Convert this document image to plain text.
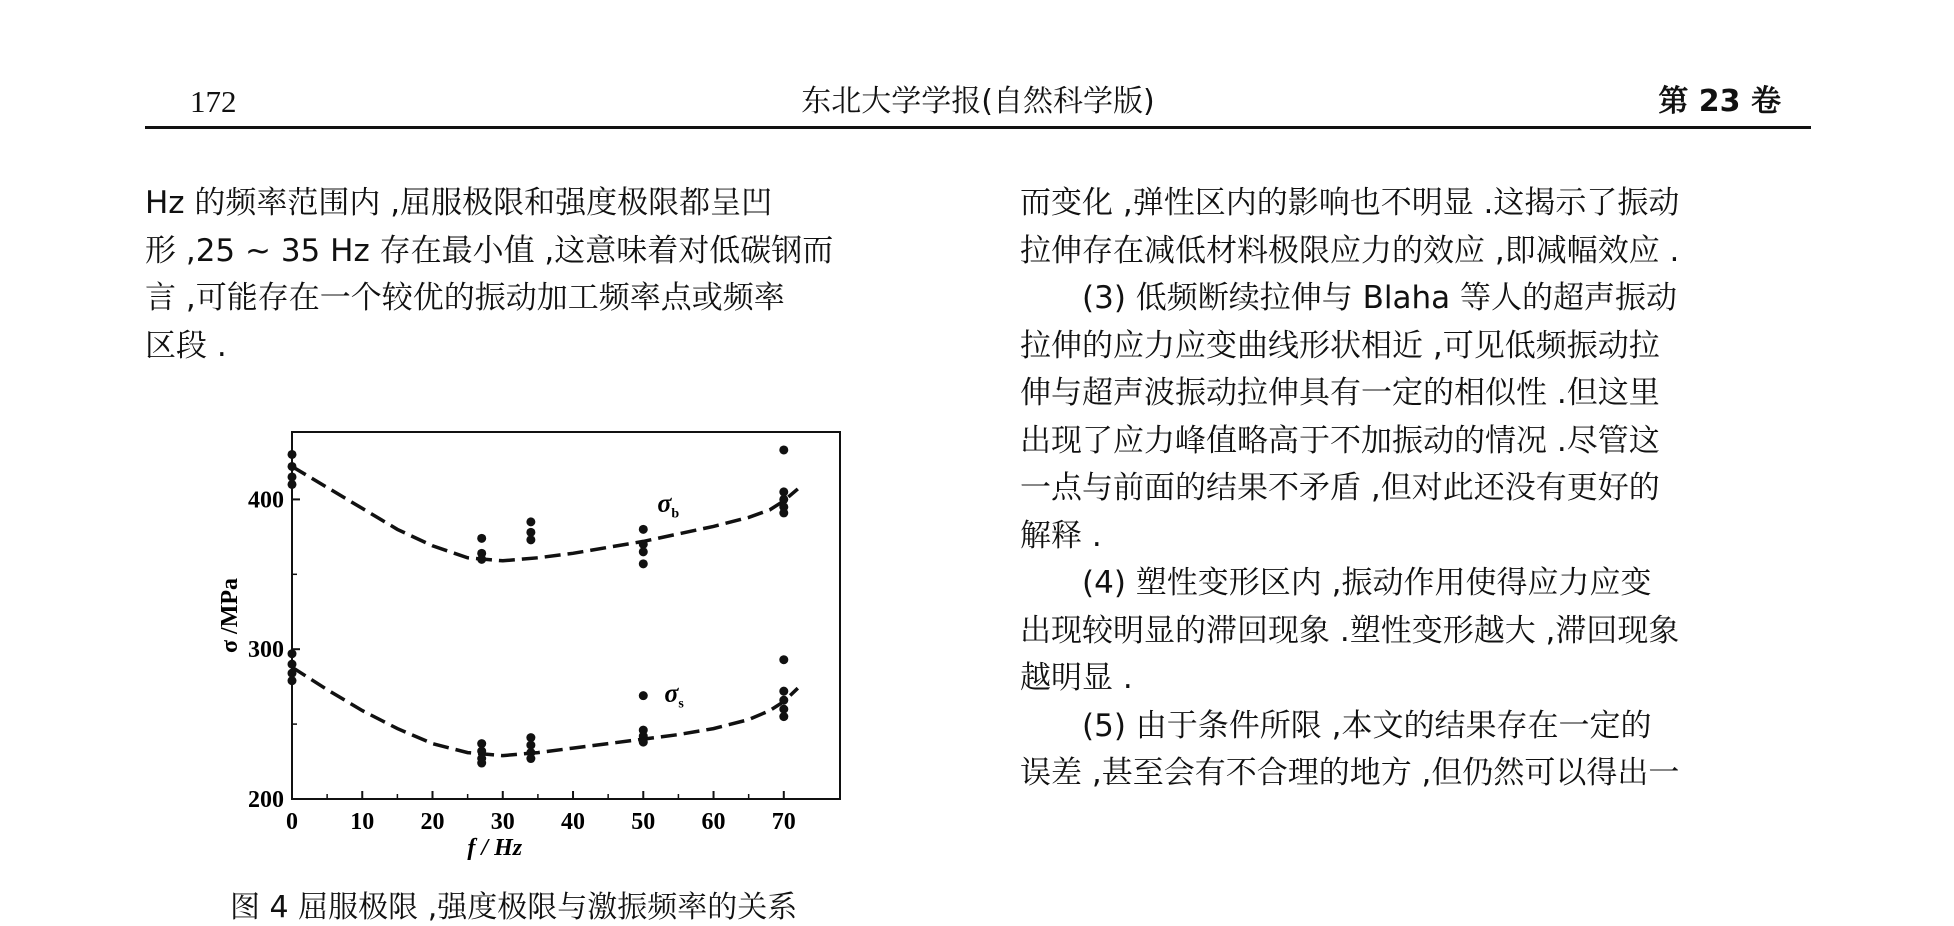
172	东北大学学报(自然科学版)	第 23 卷

Hz 的频率范围内 ,屈服极限和强度极限都呈凹

形 ,25 ~ 35 Hz 存在最小值 ,这意味着对低碳钢而

言 ,可能存在一个较优的振动加工频率点或频率

区段 .

而变化 ,弹性区内的影响也不明显 .这揭示了振动

拉伸存在减低材料极限应力的效应 ,即减幅效应 .

(3) 低频断续拉伸与 Blaha 等人的超声振动

拉伸的应力应变曲线形状相近 ,可见低频振动拉

伸与超声波振动拉伸具有一定的相似性 .但这里

出现了应力峰值略高于不加振动的情况 .尽管这

一点与前面的结果不矛盾 ,但对此还没有更好的

解释 .

(4) 塑性变形区内 ,振动作用使得应力应变

出现较明显的滞回现象 .塑性变形越大 ,滞回现象

越明显 .

(5) 由于条件所限 ,本文的结果存在一定的

误差 ,甚至会有不合理的地方 ,但仍然可以得出一

0 10 20 30 40 50 60 70
200
300
400
f / Hz
σ /MPa
$\sigma_b$
$\sigma_s$
图 4 屈服极限 ,强度极限与激振频率的关系
